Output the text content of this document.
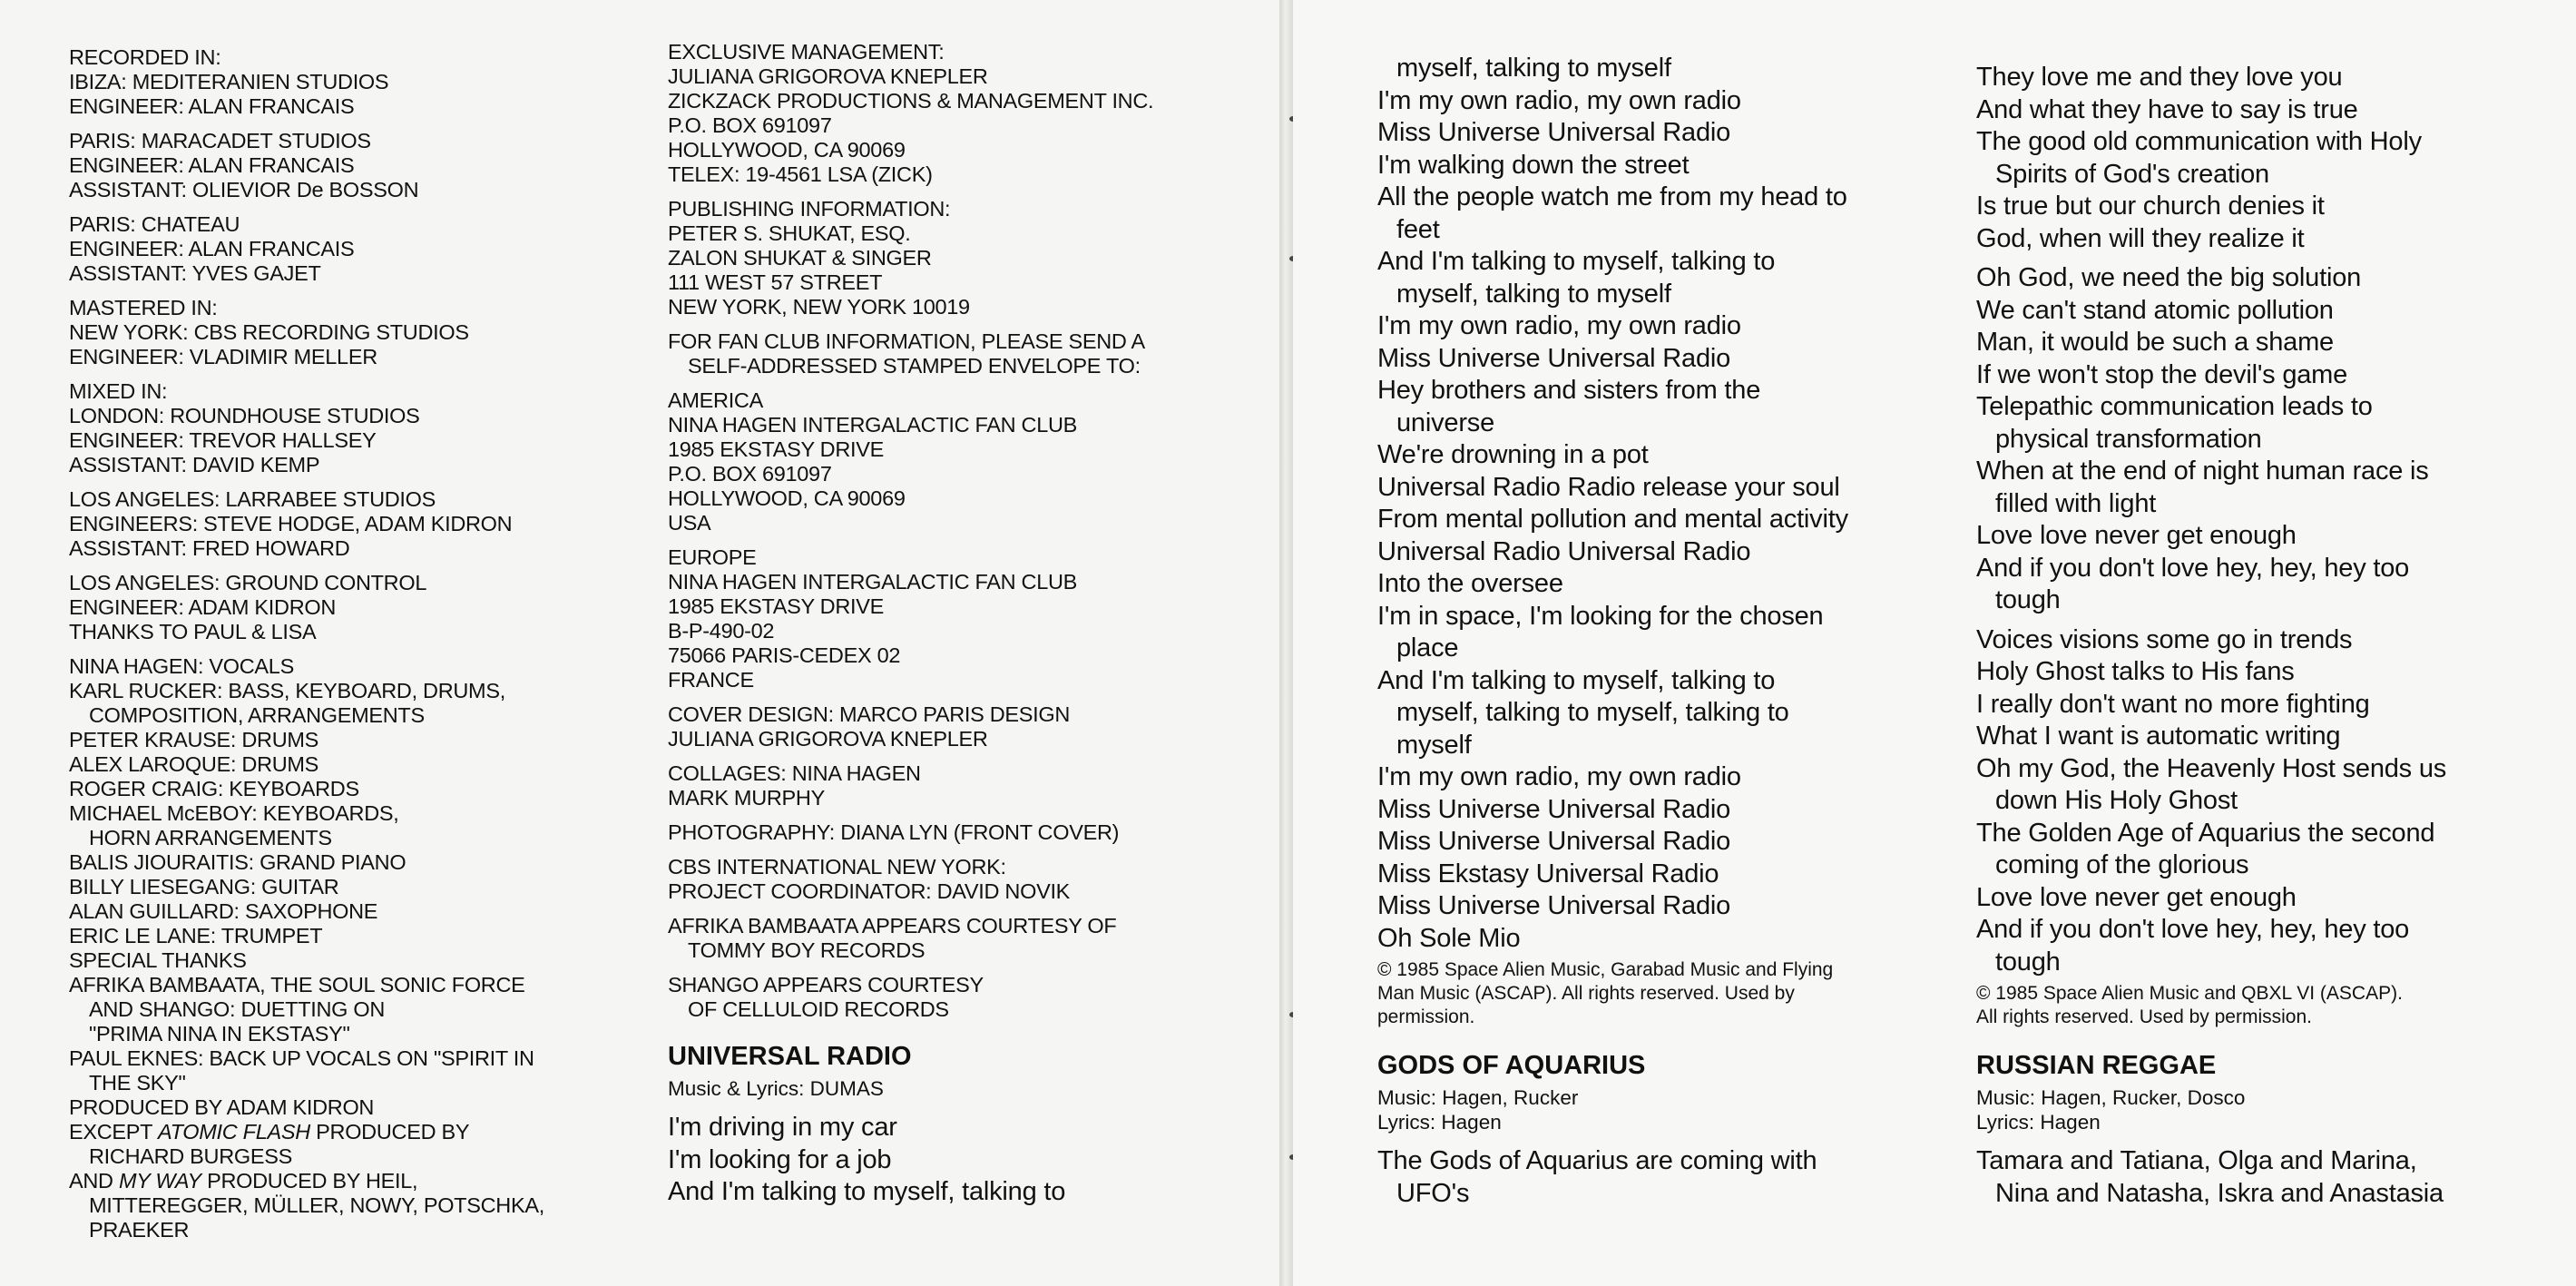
RECORDED IN:
IBIZA: MEDITERANIEN STUDIOS
ENGINEER: ALAN FRANCAIS
PARIS: MARACADET STUDIOS
ENGINEER: ALAN FRANCAIS
ASSISTANT: OLIEVIOR De BOSSON
PARIS: CHATEAU
ENGINEER: ALAN FRANCAIS
ASSISTANT: YVES GAJET
MASTERED IN:
NEW YORK: CBS RECORDING STUDIOS
ENGINEER: VLADIMIR MELLER
MIXED IN:
LONDON: ROUNDHOUSE STUDIOS
ENGINEER: TREVOR HALLSEY
ASSISTANT: DAVID KEMP
LOS ANGELES: LARRABEE STUDIOS
ENGINEERS: STEVE HODGE, ADAM KIDRON
ASSISTANT: FRED HOWARD
LOS ANGELES: GROUND CONTROL
ENGINEER: ADAM KIDRON
THANKS TO PAUL & LISA
NINA HAGEN: VOCALS
KARL RUCKER: BASS, KEYBOARD, DRUMS,
COMPOSITION, ARRANGEMENTS
PETER KRAUSE: DRUMS
ALEX LAROQUE: DRUMS
ROGER CRAIG: KEYBOARDS
MICHAEL McEBOY: KEYBOARDS,
HORN ARRANGEMENTS
BALIS JIOURAITIS: GRAND PIANO
BILLY LIESEGANG: GUITAR
ALAN GUILLARD: SAXOPHONE
ERIC LE LANE: TRUMPET
SPECIAL THANKS
AFRIKA BAMBAATA, THE SOUL SONIC FORCE
AND SHANGO: DUETTING ON
"PRIMA NINA IN EKSTASY"
PAUL EKNES: BACK UP VOCALS ON "SPIRIT IN
THE SKY"
PRODUCED BY ADAM KIDRON
EXCEPT ATOMIC FLASH PRODUCED BY
RICHARD BURGESS
AND MY WAY PRODUCED BY HEIL,
MITTEREGGER, MÜLLER, NOWY, POTSCHKA,
PRAEKER
EXCLUSIVE MANAGEMENT:
JULIANA GRIGOROVA KNEPLER
ZICKZACK PRODUCTIONS & MANAGEMENT INC.
P.O. BOX 691097
HOLLYWOOD, CA 90069
TELEX: 19-4561 LSA (ZICK)
PUBLISHING INFORMATION:
PETER S. SHUKAT, ESQ.
ZALON SHUKAT & SINGER
111 WEST 57 STREET
NEW YORK, NEW YORK 10019
FOR FAN CLUB INFORMATION, PLEASE SEND A
SELF-ADDRESSED STAMPED ENVELOPE TO:
AMERICA
NINA HAGEN INTERGALACTIC FAN CLUB
1985 EKSTASY DRIVE
P.O. BOX 691097
HOLLYWOOD, CA 90069
USA
EUROPE
NINA HAGEN INTERGALACTIC FAN CLUB
1985 EKSTASY DRIVE
B-P-490-02
75066 PARIS-CEDEX 02
FRANCE
COVER DESIGN: MARCO PARIS DESIGN
JULIANA GRIGOROVA KNEPLER
COLLAGES: NINA HAGEN
MARK MURPHY
PHOTOGRAPHY: DIANA LYN (FRONT COVER)
CBS INTERNATIONAL NEW YORK:
PROJECT COORDINATOR: DAVID NOVIK
AFRIKA BAMBAATA APPEARS COURTESY OF
TOMMY BOY RECORDS
SHANGO APPEARS COURTESY
OF CELLULOID RECORDS
UNIVERSAL RADIO
Music & Lyrics: DUMAS
I'm driving in my car
I'm looking for a job
And I'm talking to myself, talking to
myself, talking to myself
I'm my own radio, my own radio
Miss Universe Universal Radio
I'm walking down the street
All the people watch me from my head to
feet
And I'm talking to myself, talking to
myself, talking to myself
I'm my own radio, my own radio
Miss Universe Universal Radio
Hey brothers and sisters from the
universe
We're drowning in a pot
Universal Radio Radio release your soul
From mental pollution and mental activity
Universal Radio Universal Radio
Into the oversee
I'm in space, I'm looking for the chosen
place
And I'm talking to myself, talking to
myself, talking to myself, talking to
myself
I'm my own radio, my own radio
Miss Universe Universal Radio
Miss Universe Universal Radio
Miss Ekstasy Universal Radio
Miss Universe Universal Radio
Oh Sole Mio
© 1985 Space Alien Music, Garabad Music and Flying
Man Music (ASCAP). All rights reserved. Used by
permission.
GODS OF AQUARIUS
Music: Hagen, Rucker
Lyrics: Hagen
The Gods of Aquarius are coming with
UFO's
They love me and they love you
And what they have to say is true
The good old communication with Holy
Spirits of God's creation
Is true but our church denies it
God, when will they realize it
Oh God, we need the big solution
We can't stand atomic pollution
Man, it would be such a shame
If we won't stop the devil's game
Telepathic communication leads to
physical transformation
When at the end of night human race is
filled with light
Love love never get enough
And if you don't love hey, hey, hey too
tough
Voices visions some go in trends
Holy Ghost talks to His fans
I really don't want no more fighting
What I want is automatic writing
Oh my God, the Heavenly Host sends us
down His Holy Ghost
The Golden Age of Aquarius the second
coming of the glorious
Love love never get enough
And if you don't love hey, hey, hey too
tough
© 1985 Space Alien Music and QBXL VI (ASCAP).
All rights reserved. Used by permission.
RUSSIAN REGGAE
Music: Hagen, Rucker, Dosco
Lyrics: Hagen
Tamara and Tatiana, Olga and Marina,
Nina and Natasha, Iskra and Anastasia
